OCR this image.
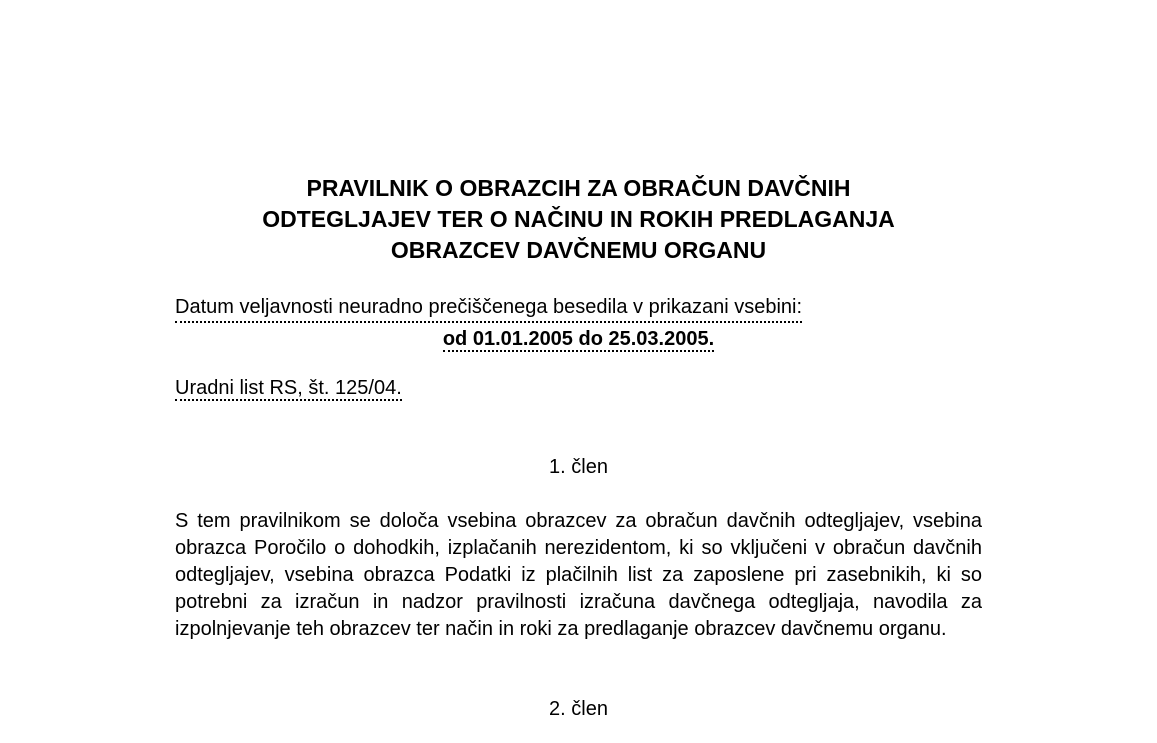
PRAVILNIK O OBRAZCIH ZA OBRAČUN DAVČNIH
ODTEGLJAJEV TER O NAČINU IN ROKIH PREDLAGANJA
OBRAZCEV DAVČNEMU ORGANU
Datum veljavnosti neuradno prečiščenega besedila v prikazani vsebini:
od 01.01.2005 do 25.03.2005.
Uradni list RS, št. 125/04.
1. člen

S tem pravilnikom se določa vsebina obrazcev za obračun davčnih odtegljajev, vsebina obrazca Poročilo o dohodkih, izplačanih nerezidentom, ki so vključeni v obračun davčnih odtegljajev, vsebina obrazca Podatki iz plačilnih list za zaposlene pri zasebnikih, ki so potrebni za izračun in nadzor pravilnosti izračuna davčnega odtegljaja, navodila za izpolnjevanje teh obrazcev ter način in roki za predlaganje obrazcev davčnemu organu.

2. člen
